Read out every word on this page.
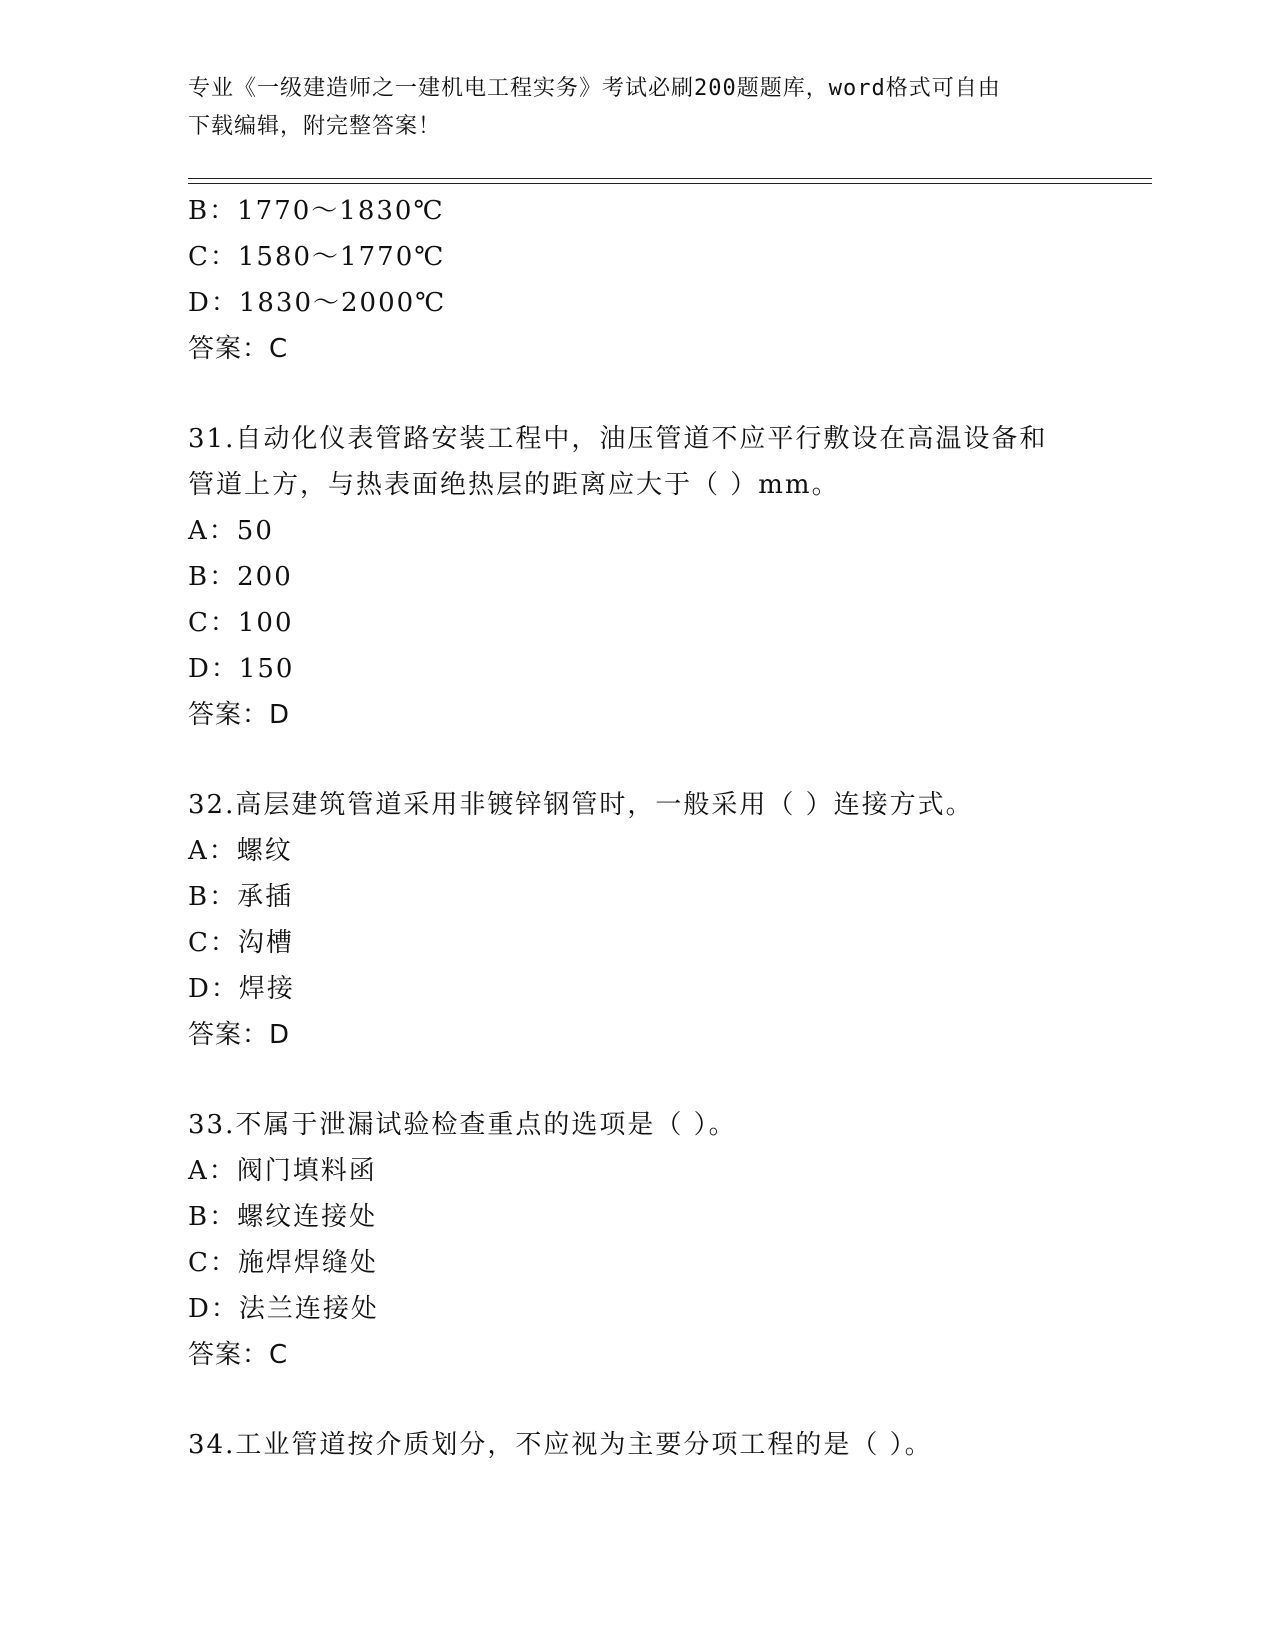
专业《一级建造师之一建机电工程实务》考试必刷200题题库，word格式可自由
下载编辑，附完整答案！
B：1770～1830℃
C：1580～1770℃
D：1830～2000℃
答案：C
31.自动化仪表管路安装工程中，油压管道不应平行敷设在高温设备和
管道上方，与热表面绝热层的距离应大于（ ）mm。
A：50
B：200
C：100
D：150
答案：D
32.高层建筑管道采用非镀锌钢管时，一般采用（ ）连接方式。
A：螺纹
B：承插
C：沟槽
D：焊接
答案：D
33.不属于泄漏试验检查重点的选项是（ ）。
A：阀门填料函
B：螺纹连接处
C：施焊焊缝处
D：法兰连接处
答案：C
34.工业管道按介质划分，不应视为主要分项工程的是（ ）。
